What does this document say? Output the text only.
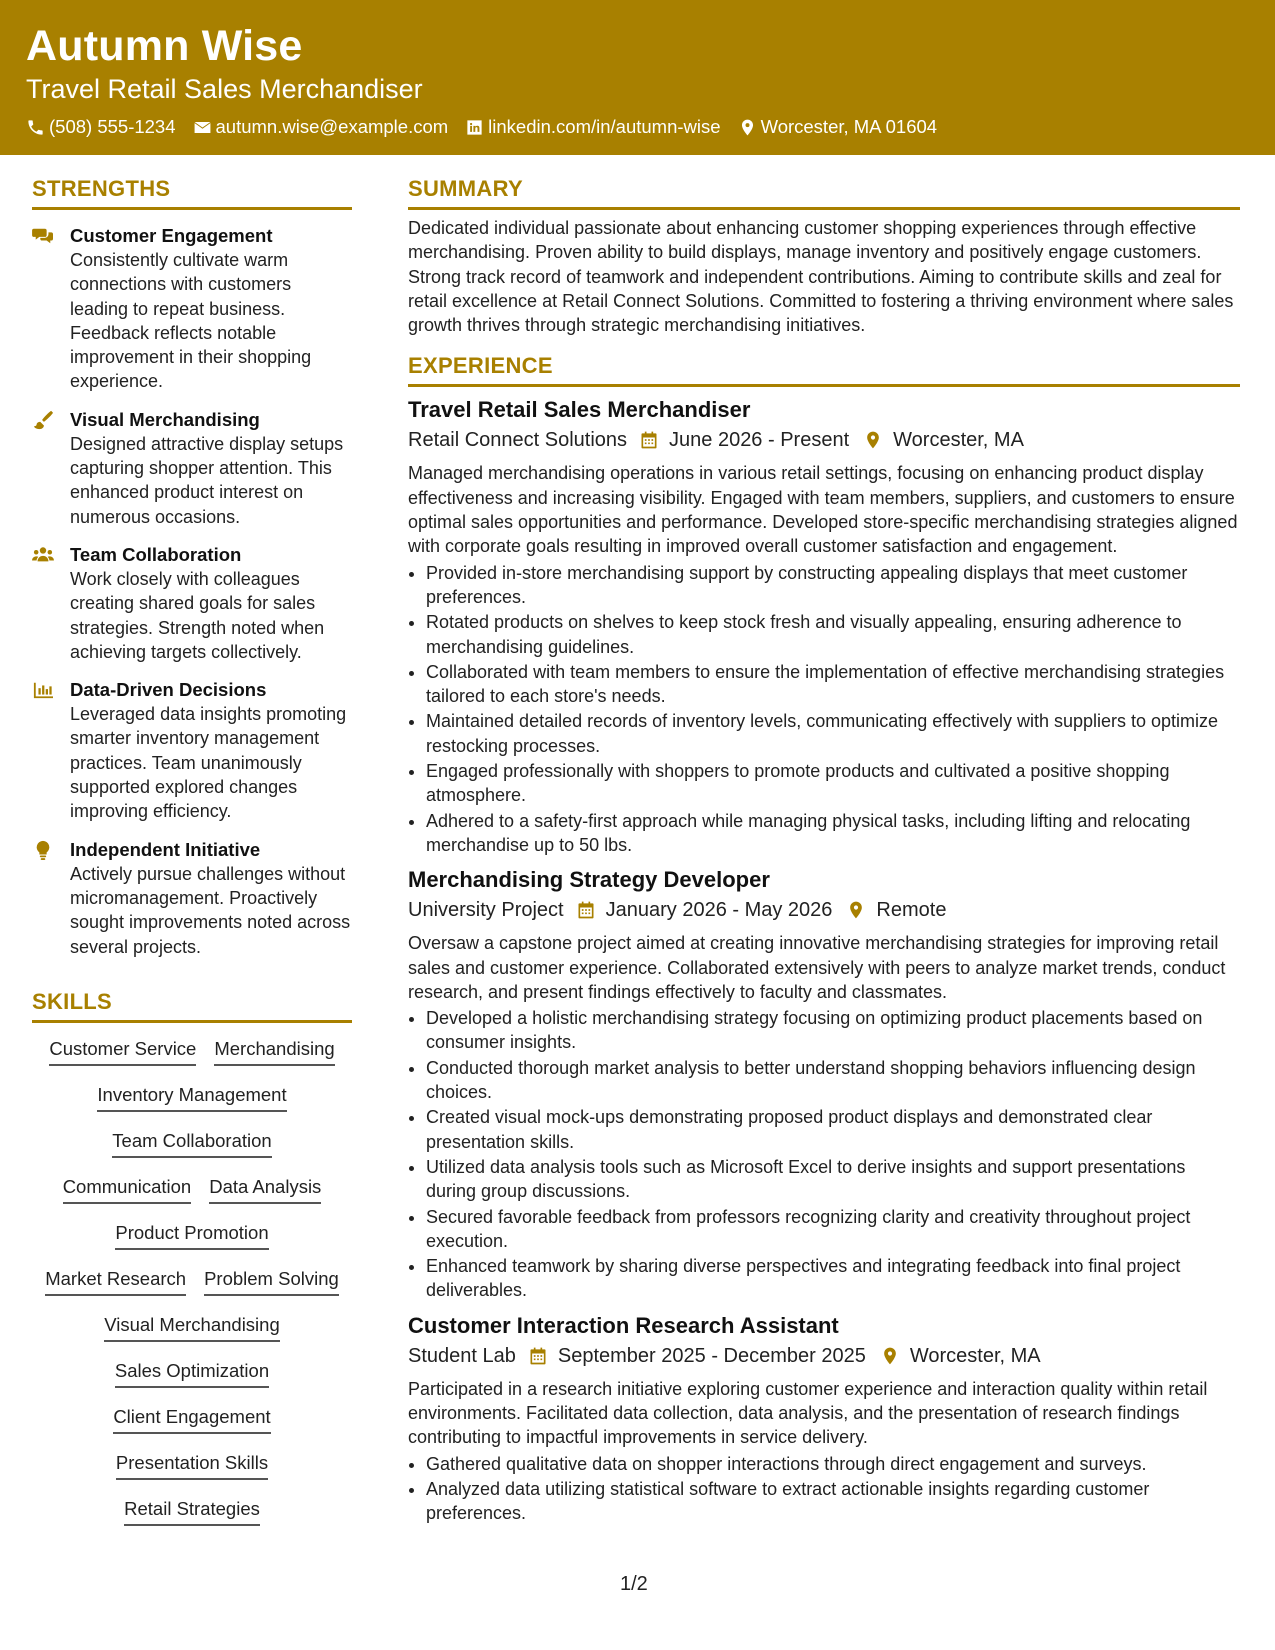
Autumn Wise
Travel Retail Sales Merchandiser
(508) 555-1234 autumn.wise@example.com linkedin.com/in/autumn-wise Worcester, MA 01604
STRENGTHS
Customer Engagement
Consistently cultivate warm connections with customers leading to repeat business. Feedback reflects notable improvement in their shopping experience.
Visual Merchandising
Designed attractive display setups capturing shopper attention. This enhanced product interest on numerous occasions.
Team Collaboration
Work closely with colleagues creating shared goals for sales strategies. Strength noted when achieving targets collectively.
Data-Driven Decisions
Leveraged data insights promoting smarter inventory management practices. Team unanimously supported explored changes improving efficiency.
Independent Initiative
Actively pursue challenges without micromanagement. Proactively sought improvements noted across several projects.
SKILLS
Customer Service Merchandising
Inventory Management
Team Collaboration
Communication Data Analysis
Product Promotion
Market Research Problem Solving
Visual Merchandising
Sales Optimization
Client Engagement
Presentation Skills
Retail Strategies
SUMMARY
Dedicated individual passionate about enhancing customer shopping experiences through effective merchandising. Proven ability to build displays, manage inventory and positively engage customers. Strong track record of teamwork and independent contributions. Aiming to contribute skills and zeal for retail excellence at Retail Connect Solutions. Committed to fostering a thriving environment where sales growth thrives through strategic merchandising initiatives.
EXPERIENCE
Travel Retail Sales Merchandiser
Retail Connect Solutions June 2026 - Present Worcester, MA
Managed merchandising operations in various retail settings, focusing on enhancing product display effectiveness and increasing visibility. Engaged with team members, suppliers, and customers to ensure optimal sales opportunities and performance. Developed store-specific merchandising strategies aligned with corporate goals resulting in improved overall customer satisfaction and engagement.
• Provided in-store merchandising support by constructing appealing displays that meet customer preferences.
• Rotated products on shelves to keep stock fresh and visually appealing, ensuring adherence to merchandising guidelines.
• Collaborated with team members to ensure the implementation of effective merchandising strategies tailored to each store's needs.
• Maintained detailed records of inventory levels, communicating effectively with suppliers to optimize restocking processes.
• Engaged professionally with shoppers to promote products and cultivated a positive shopping atmosphere.
• Adhered to a safety-first approach while managing physical tasks, including lifting and relocating merchandise up to 50 lbs.
Merchandising Strategy Developer
University Project January 2026 - May 2026 Remote
Oversaw a capstone project aimed at creating innovative merchandising strategies for improving retail sales and customer experience. Collaborated extensively with peers to analyze market trends, conduct research, and present findings effectively to faculty and classmates.
• Developed a holistic merchandising strategy focusing on optimizing product placements based on consumer insights.
• Conducted thorough market analysis to better understand shopping behaviors influencing design choices.
• Created visual mock-ups demonstrating proposed product displays and demonstrated clear presentation skills.
• Utilized data analysis tools such as Microsoft Excel to derive insights and support presentations during group discussions.
• Secured favorable feedback from professors recognizing clarity and creativity throughout project execution.
• Enhanced teamwork by sharing diverse perspectives and integrating feedback into final project deliverables.
Customer Interaction Research Assistant
Student Lab September 2025 - December 2025 Worcester, MA
Participated in a research initiative exploring customer experience and interaction quality within retail environments. Facilitated data collection, data analysis, and the presentation of research findings contributing to impactful improvements in service delivery.
• Gathered qualitative data on shopper interactions through direct engagement and surveys.
• Analyzed data utilizing statistical software to extract actionable insights regarding customer preferences.
1/2
